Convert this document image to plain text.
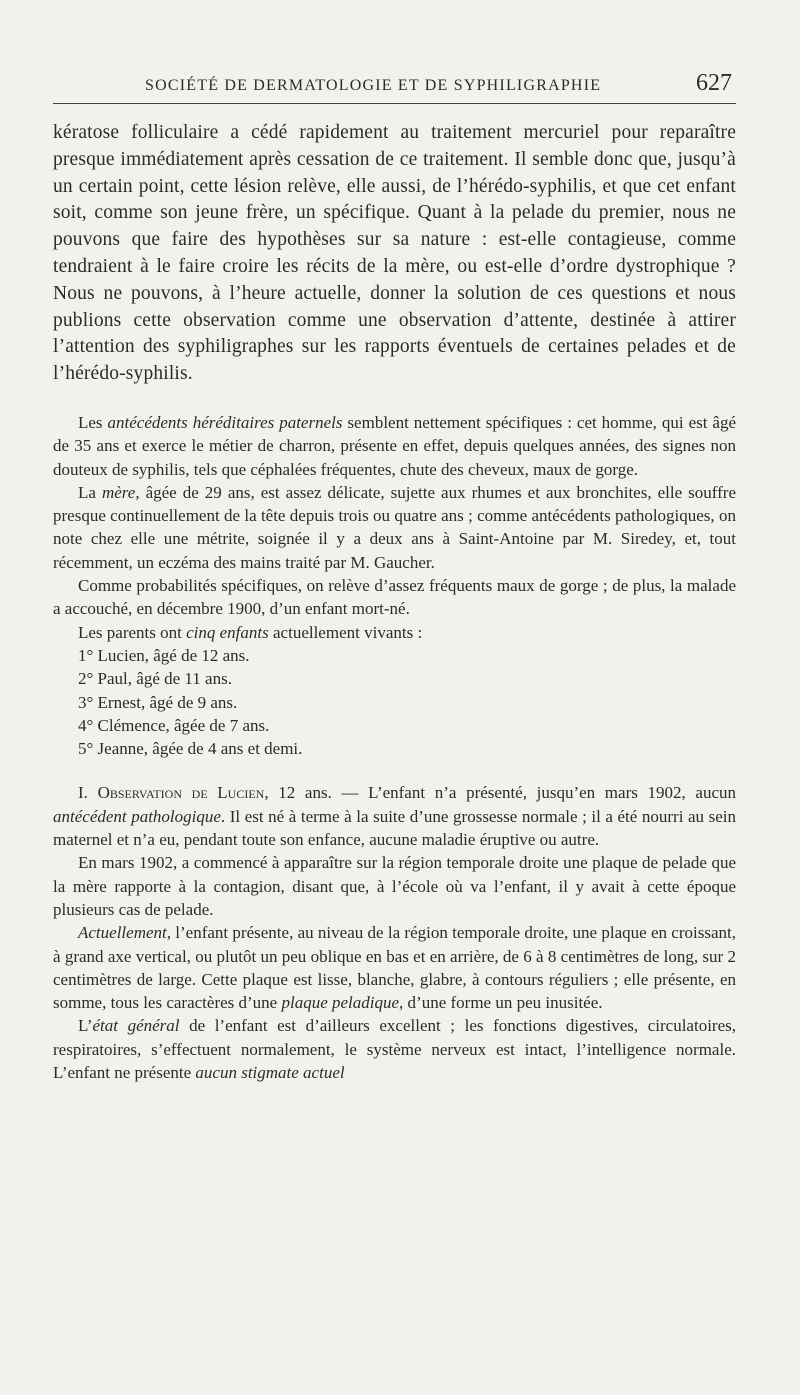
SOCIÉTÉ DE DERMATOLOGIE ET DE SYPHILIGRAPHIE	627

kératose folliculaire a cédé rapidement au traitement mercuriel pour reparaître presque immédiatement après cessation de ce traitement. Il semble donc que, jusqu’à un certain point, cette lésion relève, elle aussi, de l’hérédo-syphilis, et que cet enfant soit, comme son jeune frère, un spécifique. Quant à la pelade du premier, nous ne pouvons que faire des hypothèses sur sa nature : est-elle contagieuse, comme tendraient à le faire croire les récits de la mère, ou est-elle d’ordre dystrophique ? Nous ne pouvons, à l’heure actuelle, donner la solution de ces questions et nous publions cette observation comme une observation d’attente, destinée à attirer l’attention des syphiligraphes sur les rapports éventuels de certaines pelades et de l’hérédo-syphilis.

Les antécédents héréditaires paternels semblent nettement spécifiques : cet homme, qui est âgé de 35 ans et exerce le métier de charron, présente en effet, depuis quelques années, des signes non douteux de syphilis, tels que céphalées fréquentes, chute des cheveux, maux de gorge.

La mère, âgée de 29 ans, est assez délicate, sujette aux rhumes et aux bronchites, elle souffre presque continuellement de la tête depuis trois ou quatre ans ; comme antécédents pathologiques, on note chez elle une métrite, soignée il y a deux ans à Saint-Antoine par M. Siredey, et, tout récemment, un eczéma des mains traité par M. Gaucher.

Comme probabilités spécifiques, on relève d’assez fréquents maux de gorge ; de plus, la malade a accouché, en décembre 1900, d’un enfant mort-né.

Les parents ont cinq enfants actuellement vivants :

1° Lucien, âgé de 12 ans.

2° Paul, âgé de 11 ans.

3° Ernest, âgé de 9 ans.

4° Clémence, âgée de 7 ans.

5° Jeanne, âgée de 4 ans et demi.

I. Observation de Lucien, 12 ans. — L’enfant n’a présenté, jusqu’en mars 1902, aucun antécédent pathologique. Il est né à terme à la suite d’une grossesse normale ; il a été nourri au sein maternel et n’a eu, pendant toute son enfance, aucune maladie éruptive ou autre.

En mars 1902, a commencé à apparaître sur la région temporale droite une plaque de pelade que la mère rapporte à la contagion, disant que, à l’école où va l’enfant, il y avait à cette époque plusieurs cas de pelade.

Actuellement, l’enfant présente, au niveau de la région temporale droite, une plaque en croissant, à grand axe vertical, ou plutôt un peu oblique en bas et en arrière, de 6 à 8 centimètres de long, sur 2 centimètres de large. Cette plaque est lisse, blanche, glabre, à contours réguliers ; elle présente, en somme, tous les caractères d’une plaque peladique, d’une forme un peu inusitée.

L’état général de l’enfant est d’ailleurs excellent ; les fonctions digestives, circulatoires, respiratoires, s’effectuent normalement, le système nerveux est intact, l’intelligence normale. L’enfant ne présente aucun stigmate actuel
